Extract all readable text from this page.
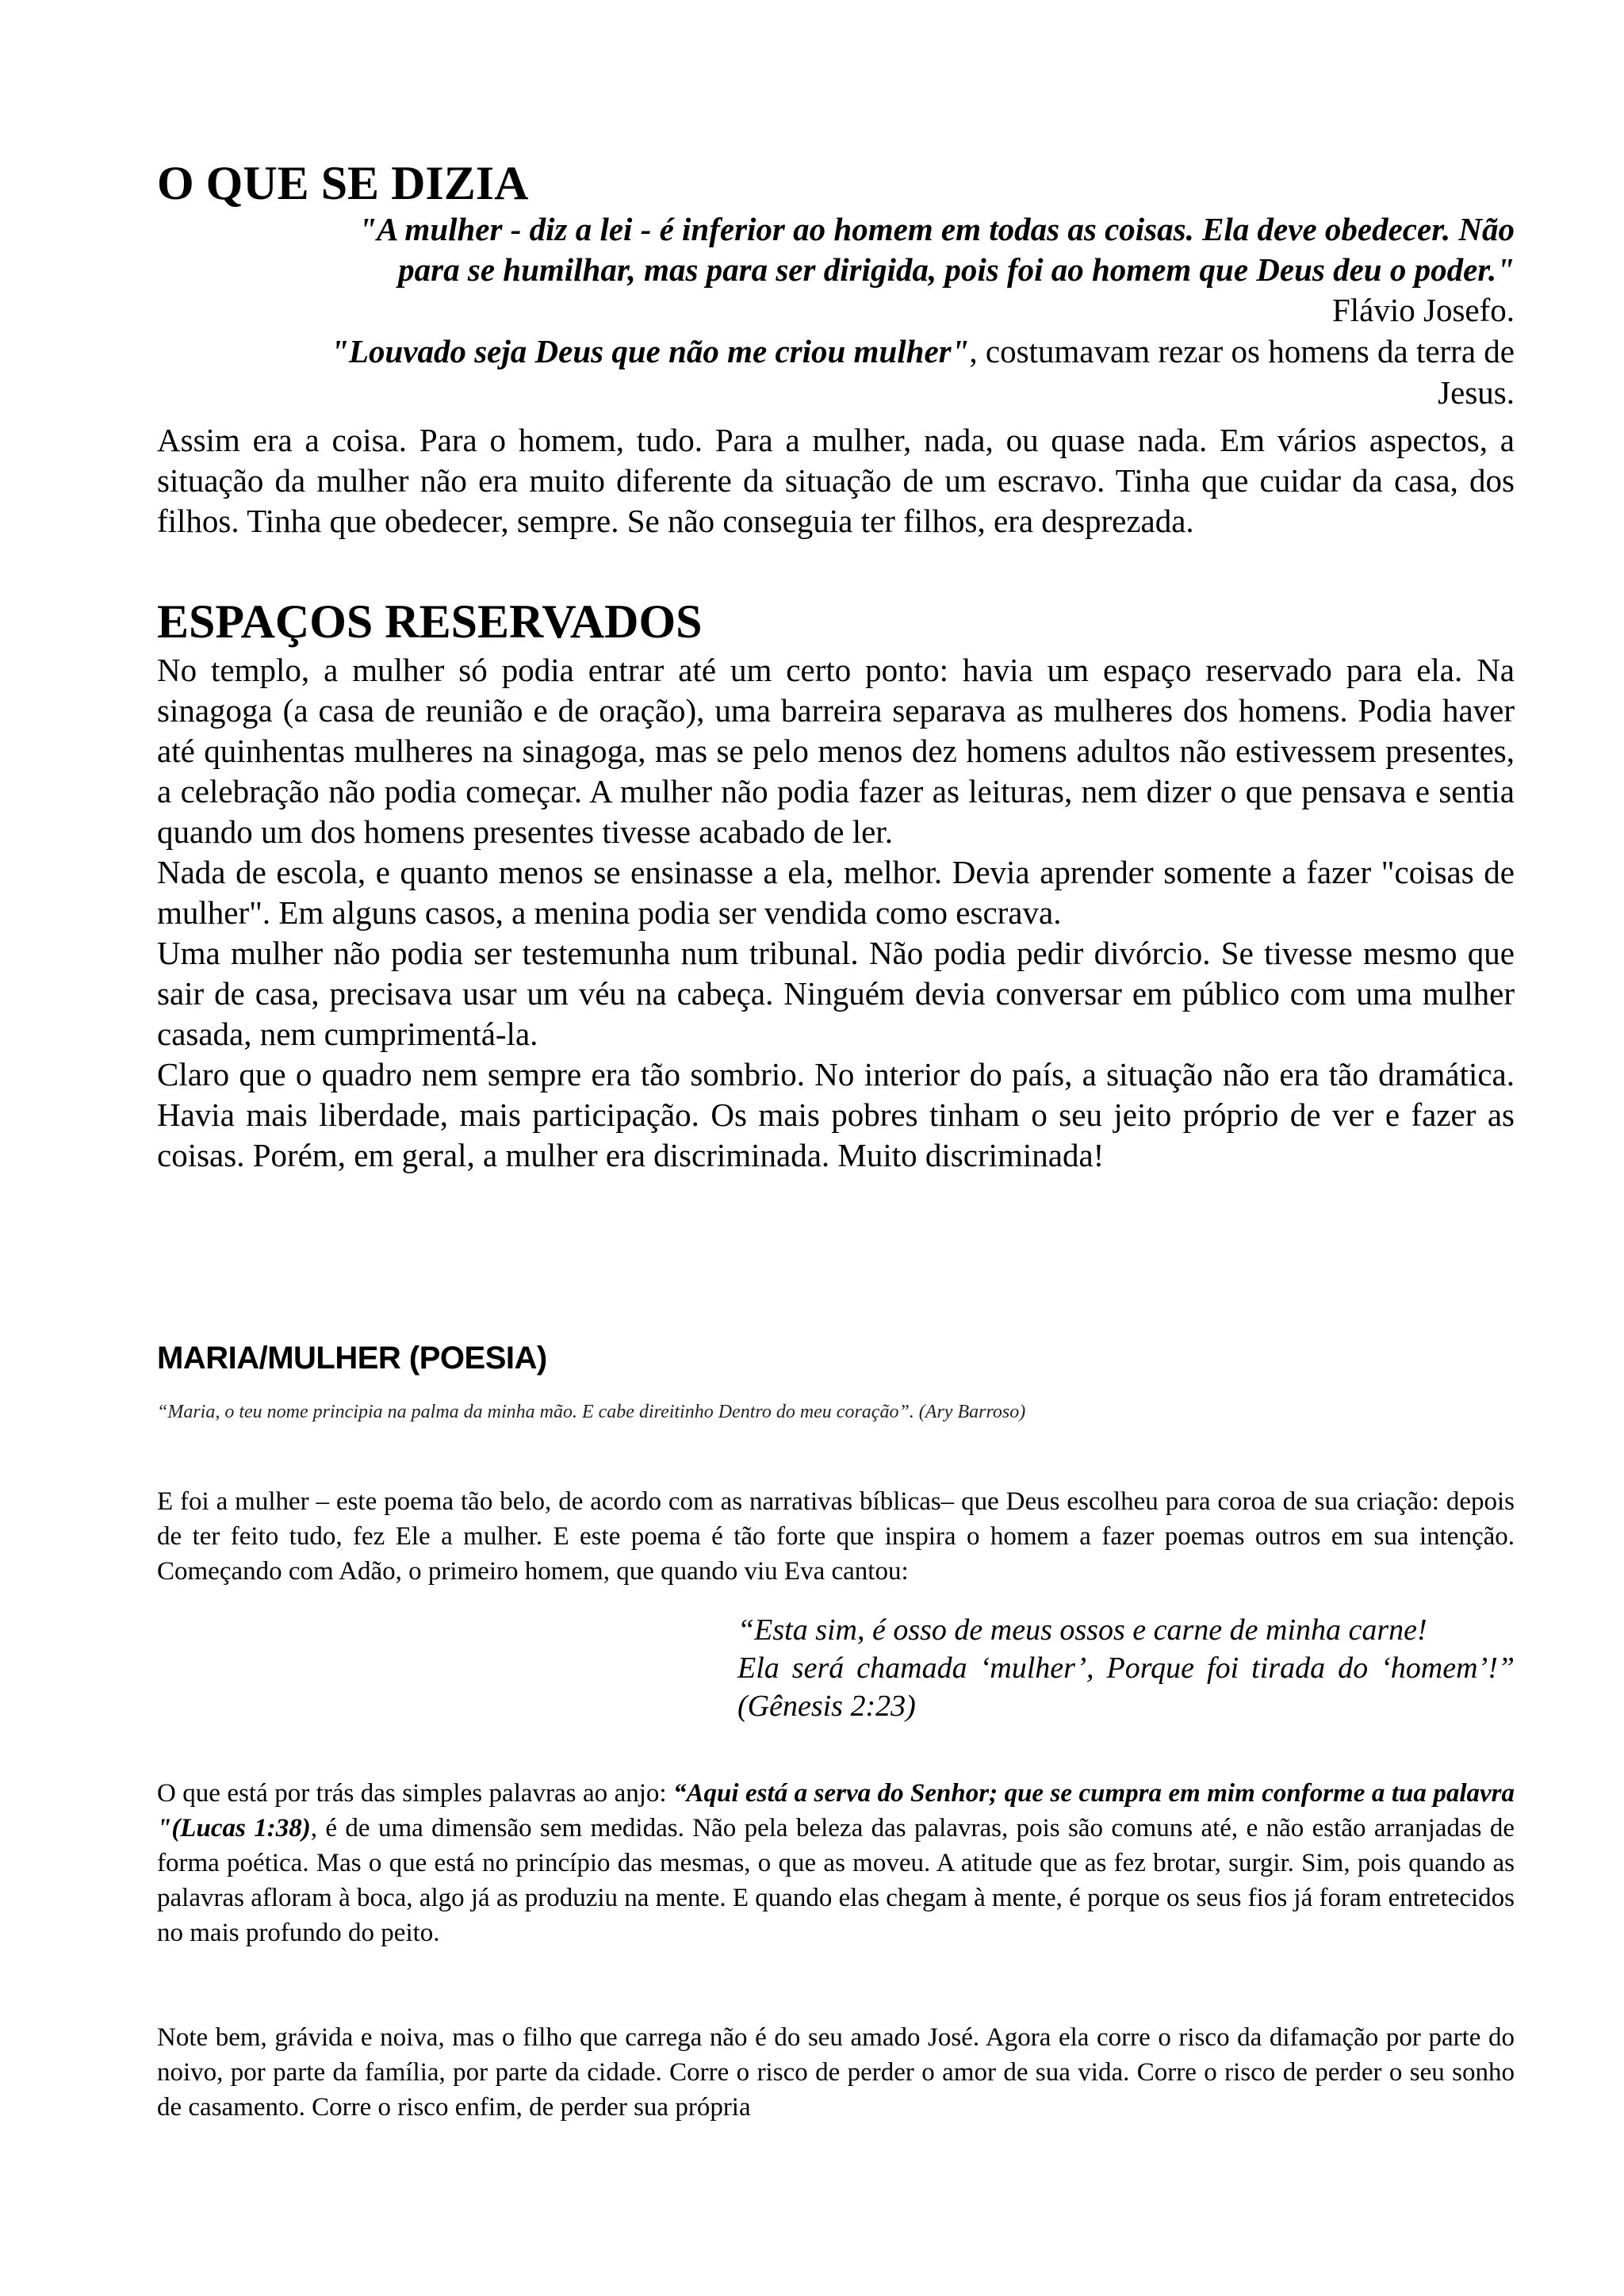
O QUE SE DIZIA
"A mulher - diz a lei - é inferior ao homem em todas as coisas. Ela deve obedecer. Não
para se humilhar, mas para ser dirigida, pois foi ao homem que Deus deu o poder."
Flávio Josefo.
"Louvado seja Deus que não me criou mulher", costumavam rezar os homens da terra de
Jesus.

Assim era a coisa. Para o homem, tudo. Para a mulher, nada, ou quase nada. Em vários aspectos, a situação da mulher não era muito diferente da situação de um escravo. Tinha que cuidar da casa, dos filhos. Tinha que obedecer, sempre. Se não conseguia ter filhos, era desprezada.

ESPAÇOS RESERVADOS

No templo, a mulher só podia entrar até um certo ponto: havia um espaço reservado para ela. Na sinagoga (a casa de reunião e de oração), uma barreira separava as mulheres dos homens. Podia haver até quinhentas mulheres na sinagoga, mas se pelo menos dez homens adultos não estivessem presentes, a celebração não podia começar. A mulher não podia fazer as leituras, nem dizer o que pensava e sentia quando um dos homens presentes tivesse acabado de ler.

Nada de escola, e quanto menos se ensinasse a ela, melhor. Devia aprender somente a fazer "coisas de mulher". Em alguns casos, a menina podia ser vendida como escrava.

Uma mulher não podia ser testemunha num tribunal. Não podia pedir divórcio. Se tivesse mesmo que sair de casa, precisava usar um véu na cabeça. Ninguém devia conversar em público com uma mulher casada, nem cumprimentá-la.

Claro que o quadro nem sempre era tão sombrio. No interior do país, a situação não era tão dramática. Havia mais liberdade, mais participação. Os mais pobres tinham o seu jeito próprio de ver e fazer as coisas. Porém, em geral, a mulher era discriminada. Muito discriminada!

MARIA/MULHER (POESIA)
“Maria, o teu nome principia na palma da minha mão. E cabe direitinho Dentro do meu coração”. (Ary Barroso)

E foi a mulher – este poema tão belo, de acordo com as narrativas bíblicas– que Deus escolheu para coroa de sua criação: depois de ter feito tudo, fez Ele a mulher. E este poema é tão forte que inspira o homem a fazer poemas outros em sua intenção. Começando com Adão, o primeiro homem, que quando viu Eva cantou:

“Esta sim, é osso de meus ossos e carne de minha carne!
Ela será chamada ‘mulher’, Porque foi tirada do ‘homem’!” (Gênesis 2:23)

O que está por trás das simples palavras ao anjo: “Aqui está a serva do Senhor; que se cumpra em mim conforme a tua palavra "(Lucas 1:38), é de uma dimensão sem medidas. Não pela beleza das palavras, pois são comuns até, e não estão arranjadas de forma poética. Mas o que está no princípio das mesmas, o que as moveu. A atitude que as fez brotar, surgir. Sim, pois quando as palavras afloram à boca, algo já as produziu na mente. E quando elas chegam à mente, é porque os seus fios já foram entretecidos no mais profundo do peito.

Note bem, grávida e noiva, mas o filho que carrega não é do seu amado José. Agora ela corre o risco da difamação por parte do noivo, por parte da família, por parte da cidade. Corre o risco de perder o amor de sua vida. Corre o risco de perder o seu sonho de casamento. Corre o risco enfim, de perder sua própria
